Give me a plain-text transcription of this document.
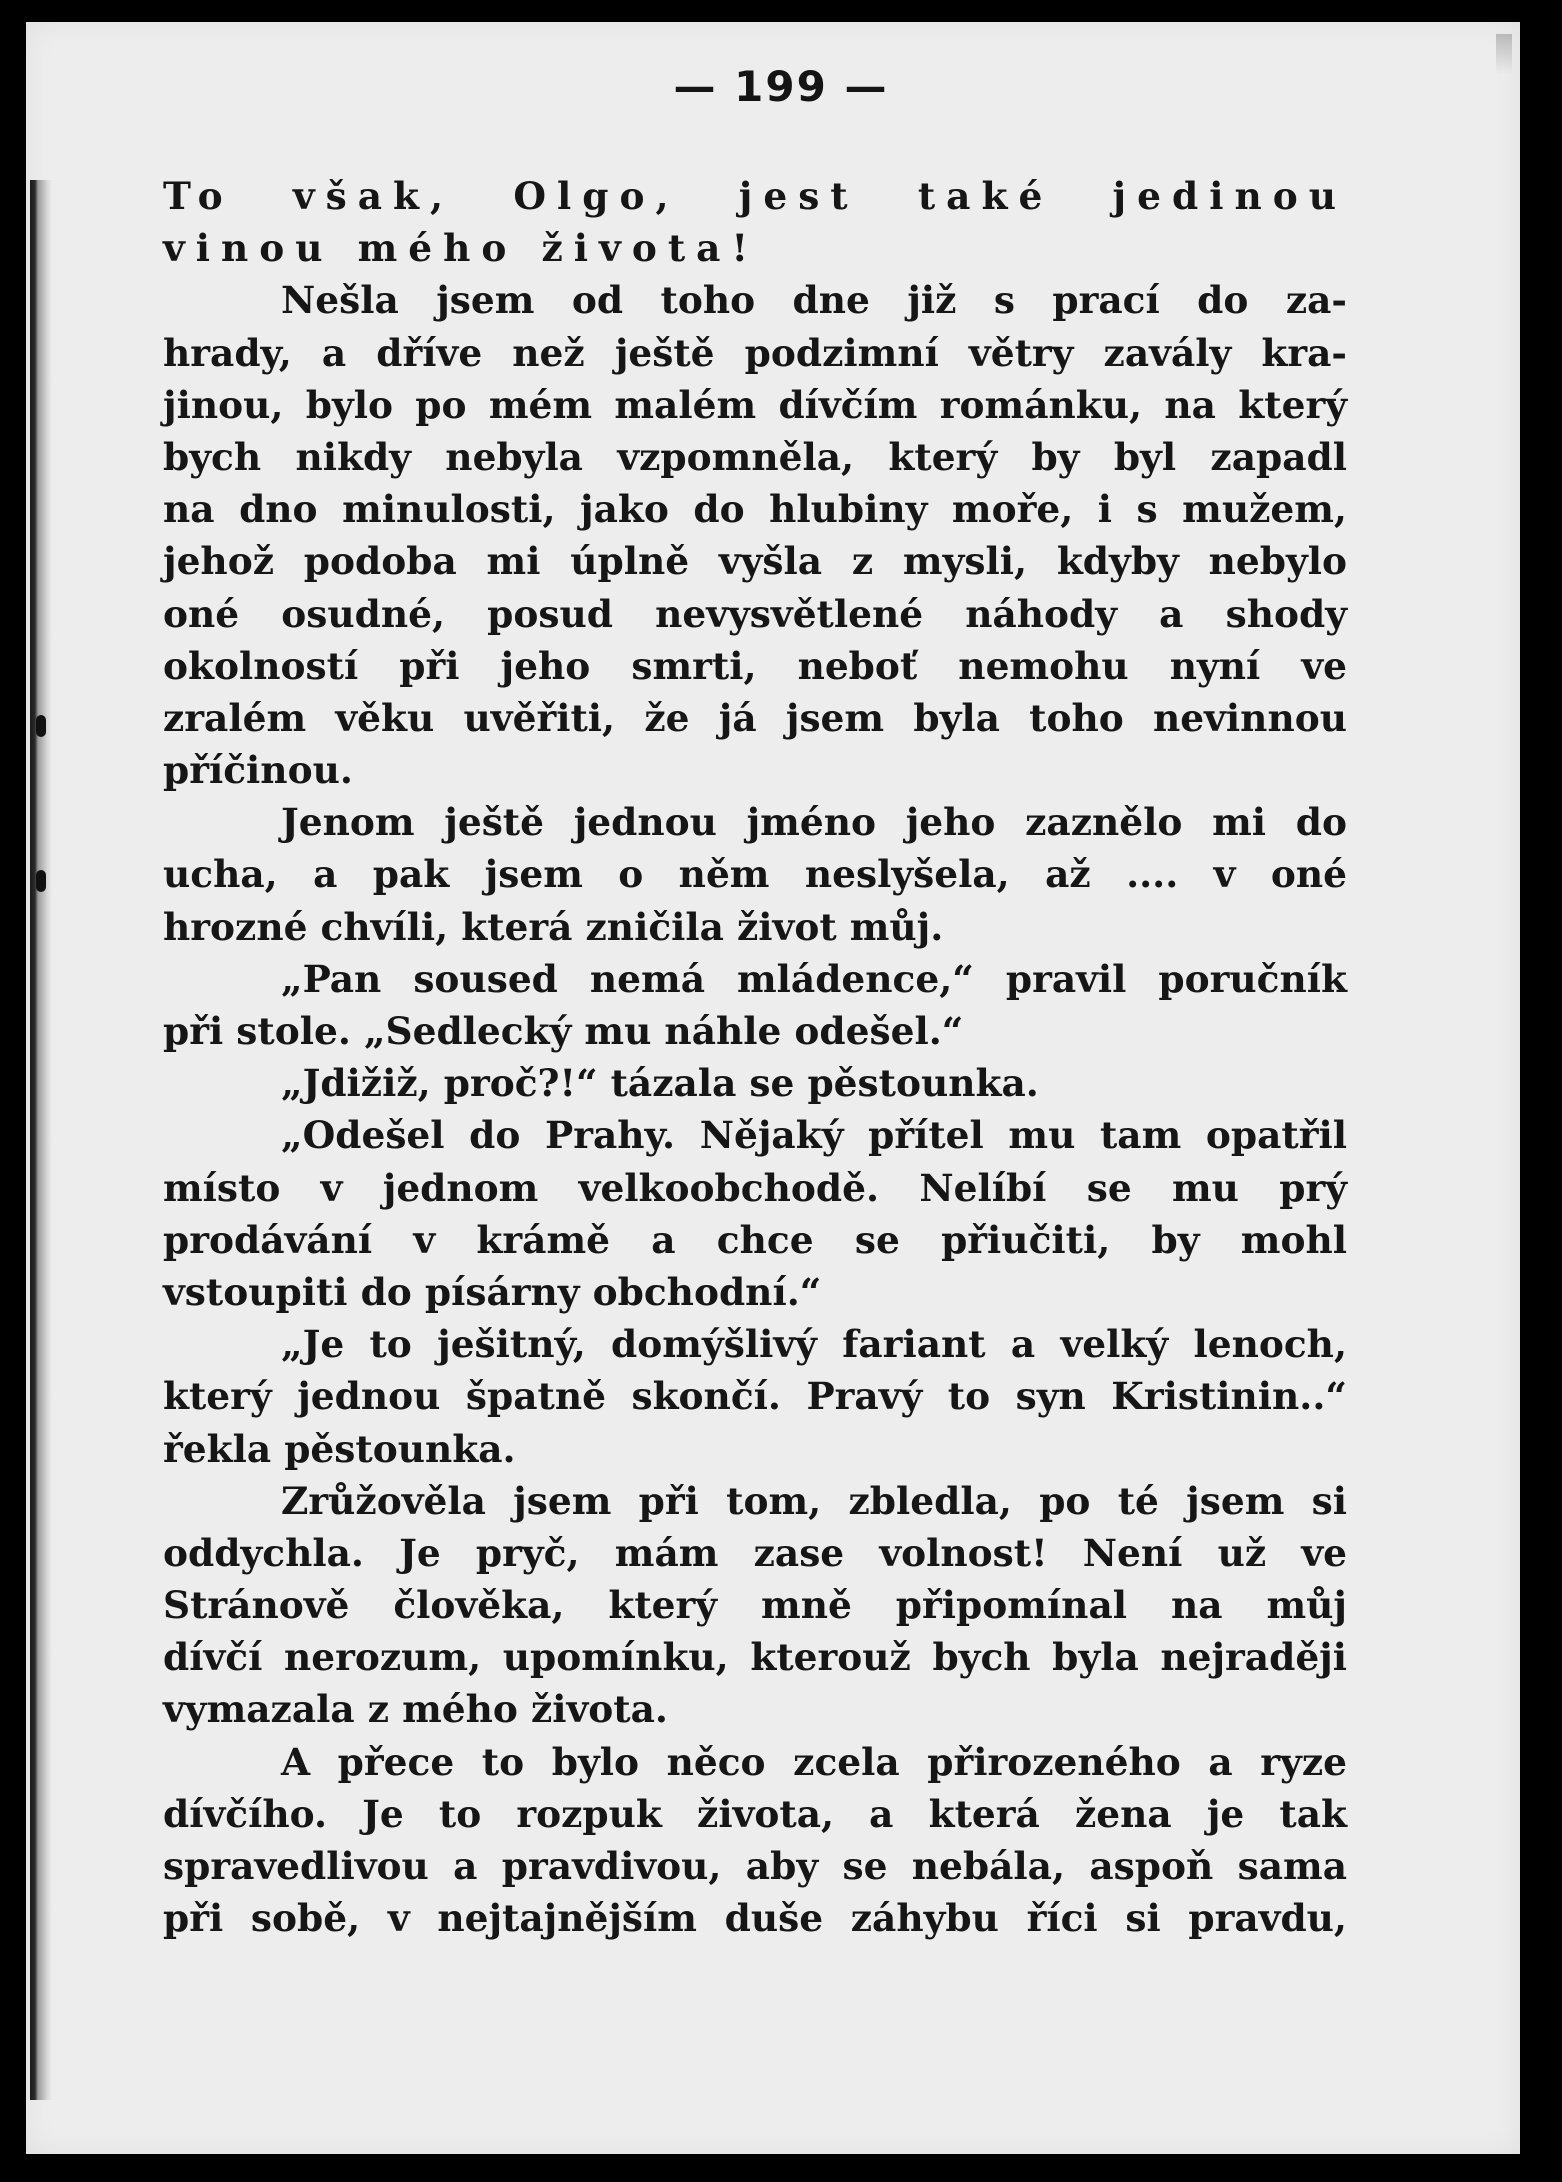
— 199 —
To však, Olgo, jest také jedinou
vinou mého života!
Nešla jsem od toho dne již s prací do za-
hrady, a dříve než ještě podzimní větry zavály kra-
jinou, bylo po mém malém dívčím románku, na který
bych nikdy nebyla vzpomněla, který by byl zapadl
na dno minulosti, jako do hlubiny moře, i s mužem,
jehož podoba mi úplně vyšla z mysli, kdyby nebylo
oné osudné, posud nevysvětlené náhody a shody
okolností při jeho smrti, neboť nemohu nyní ve
zralém věku uvěřiti, že já jsem byla toho nevinnou
příčinou.
Jenom ještě jednou jméno jeho zaznělo mi do
ucha, a pak jsem o něm neslyšela, až .... v oné
hrozné chvíli, která zničila život můj.
„Pan soused nemá mládence,“ pravil poručník
při stole. „Sedlecký mu náhle odešel.“
„Jdižiž, proč?!“ tázala se pěstounka.
„Odešel do Prahy. Nějaký přítel mu tam opatřil
místo v jednom velkoobchodě. Nelíbí se mu prý
prodávání v krámě a chce se přiučiti, by mohl
vstoupiti do písárny obchodní.“
„Je to ješitný, domýšlivý fariant a velký lenoch,
který jednou špatně skončí. Pravý to syn Kristinin..“
řekla pěstounka.
Zrůžověla jsem při tom, zbledla, po té jsem si
oddychla. Je pryč, mám zase volnost! Není už ve
Stránově člověka, který mně připomínal na můj
dívčí nerozum, upomínku, kterouž bych byla nejraději
vymazala z mého života.
A přece to bylo něco zcela přirozeného a ryze
dívčího. Je to rozpuk života, a která žena je tak
spravedlivou a pravdivou, aby se nebála, aspoň sama
při sobě, v nejtajnějším duše záhybu říci si pravdu,
